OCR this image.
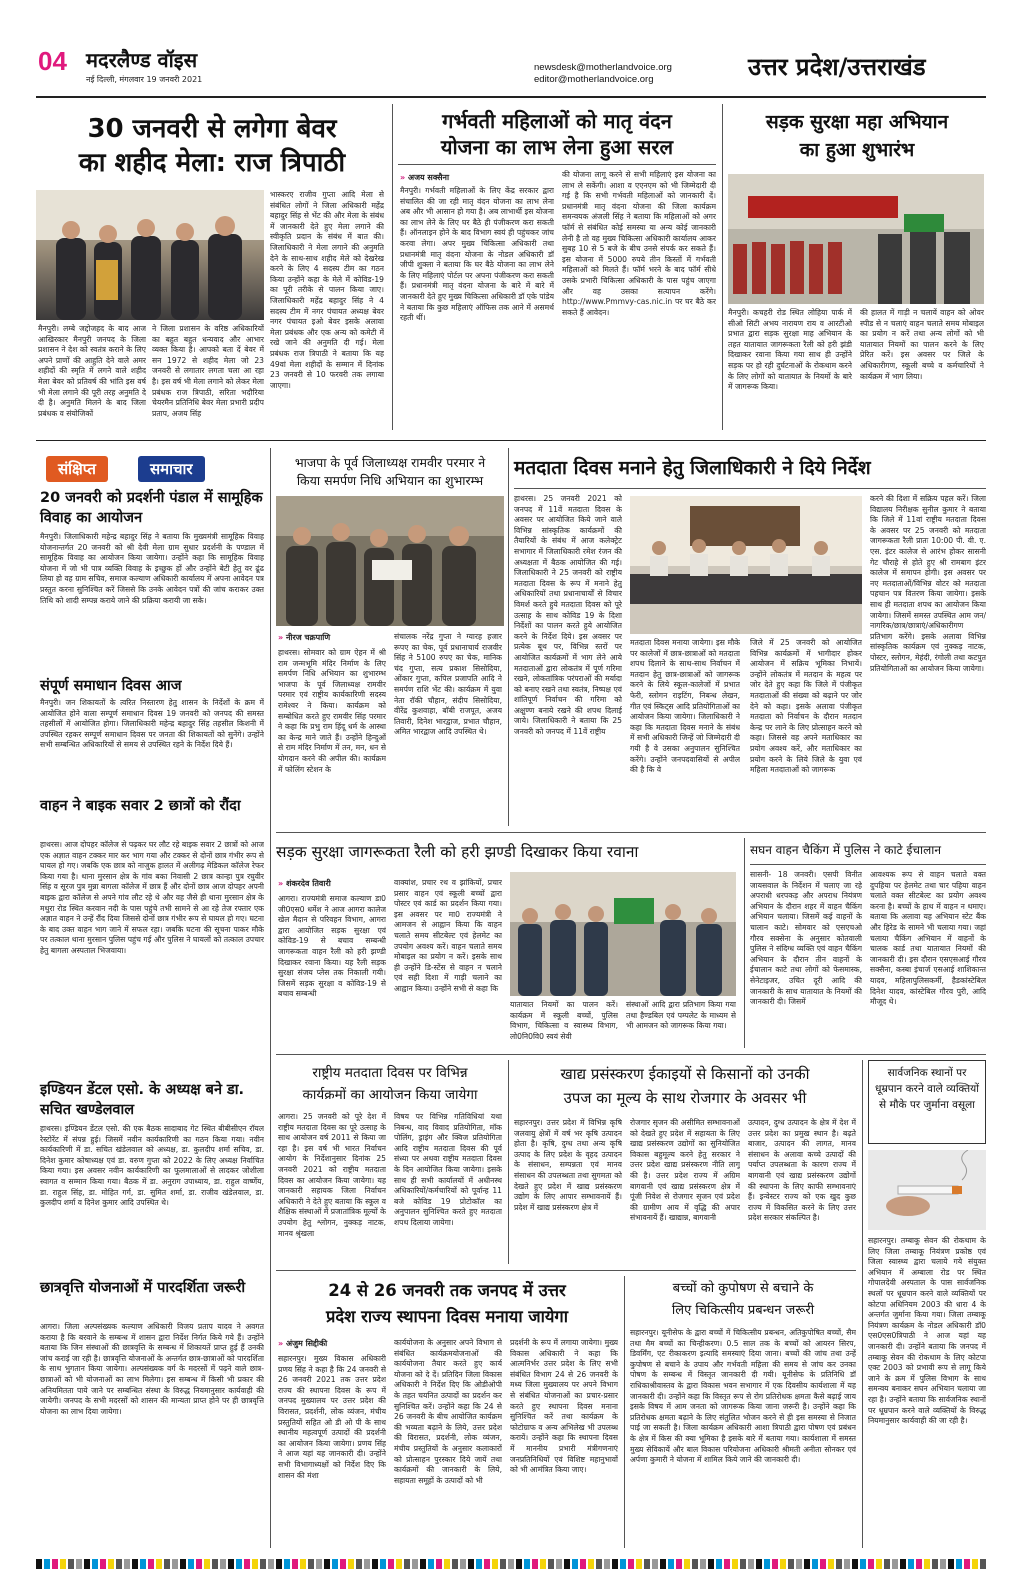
04 मदरलैण्ड वॉइस
नई दिल्ली, मंगलवार 19 जनवरी 2021
newsdesk@motherlandvoice.org
editor@motherlandvoice.org	उत्तर प्रदेश/उत्तराखंड
30 जनवरी से लगेगा बेवर
का शहीद मेला: राज त्रिपाठी
मैनपुरी। लम्बे जद्दोजहद के बाद आज आखिरकार मैनपुरी जनपद के जिला प्रशासन ने देश को स्वतंत्र कराने के लिए अपने प्राणों की आहुति देने वाले अमर शहीदों की स्मृति में लगने वाले शहीद मेला बेवर को प्रतिवर्ष की भांति इस वर्ष भी मेला लगाने की पूरी तरह अनुमति दे दी है। अनुमति मिलने के बाद जिला प्रबंधक व संयोजिकों
ने जिला प्रशासन के वरिष्ठ अधिकारियों का बहुत बहुत धन्यवाद और आभार व्यक्त किया है। आपको बता दें बेवर में सन 1972 से शहीद मेला जो 23 जनवरी से लगातार लगता चला आ रहा है। इस वर्ष भी मेला लगाने को लेकर मेला प्रबंधक राज त्रिपाठी, सरिता भदौरिया चेयरमैन प्रतिनिधि बेवर मेला प्रभारी प्रदीप प्रताप, अजय सिंह
भास्करए राजीव गुप्ता आदि मेला से संबंधित लोगों ने जिला अधिकारी महेंद्र बहादुर सिंह से भेंट की और मेला के संबंध में जानकारी देते हुए मेला लगाने की स्वीकृति प्रदान के संबंध में बात की। जिलाधिकारी ने मेला लगाने की अनुमति देने के साथ-साथ शहीद मेले को देखरेख करने के लिए 4 सदस्य टीम का गठन किया उन्होंने कहा के मेले में कोविड-19 का पूरी तरीके से पालन किया जाए। जिलाधिकारी महेंद्र बहादुर सिंह ने 4 सदस्य टीम में नगर पंचायत अध्यक्ष बेवर नगर पंचायत इओ बेवर इसके अलावा मेला प्रबंधक और एक अन्य को कमेटी में रखे जाने की अनुमति दी गई। मेला प्रबंधक राज त्रिपाठी ने बताया कि यह 49वां मेला शहीदों के सम्मान में दिनांक 23 जनवरी से 10 फरवरी तक लगाया जाएगा।
गर्भवती महिलाओं को मातृ वंदन
योजना का लाभ लेना हुआ सरल
» अजय सक्सैना
मैनपुरी। गर्भवती महिलाओं के लिए केंद्र सरकार द्वारा संचालित की जा रही मातृ वंदन योजना का लाभ लेना अब और भी आसान हो गया है। अब लाभार्थी इस योजना का लाभ लेने के लिए घर बैठे ही पंजीकरण करा सकती हैं। ऑनलाइन होने के बाद विभाग स्वयं ही पहुंचकर जांच करवा लेगा। अपर मुख्य चिकित्सा अधिकारी तथा प्रधानमंत्री मातृ वंदना योजना के नोडल अधिकारी डॉ जीपी शुक्ला ने बताया कि घर बैठे योजना का लाभ लेने के लिए महिलाएं पोर्टल पर अपना पंजीकरण करा सकती हैं। प्रधानमंत्री मातृ वंदना योजना के बारे में बारे में जानकारी देते हुए मुख्य चिकित्सा अधिकारी डॉ एके पांडेय ने बताया कि कुछ महिलाएं ऑफिस तक आने में असमर्थ रहती थीं।
की योजना लागू करने से सभी महिलाएं इस योजना का लाभ ले सकेंगी। आशा व एएनएम को भी जिम्मेदारी दी गई है कि सभी गर्भवती महिलाओं को जानकारी दें। प्रधानमंत्री मातृ वंदना योजना की जिला कार्यक्रम समन्वयक अंजली सिंह ने बताया कि महिलाओं को अगर फॉर्म से संबंधित कोई समस्या या अन्य कोई जानकारी लेनी है तो वह मुख्य चिकित्सा अधिकारी कार्यालय आकर सुबह 10 से 5 बजे के बीच उनसे संपर्क कर सकते हैं। इस योजना में 5000 रुपये तीन किस्तों में गर्भवती महिलाओं को मिलते हैं। फॉर्म भरने के बाद फॉर्म सीधे उसके प्रभारी चिकित्सा अधिकारी के पास पहुंच जाएगा और वह उसका सत्यापन करेंगे। http://www.Pmmvy-cas.nic.in पर घर बैठे कर सकते हैं आवेदन।
सड़क सुरक्षा महा अभियान
का हुआ शुभारंभ
मैनपुरी। कचहरी रोड स्थित लोहिया पार्क में सीओ सिटी अभय नारायण राय व आरटीओ प्रभात द्वारा सड़क सुरक्षा माह अभियान के तहत यातायात जागरूकता रैली को हरी झंडी दिखाकर रवाना किया गया साथ ही उन्होंने सड़क पर हो रही दुर्घटनाओं के रोकथाम करने के लिए लोगों को यातायात के नियमों के बारे में जागरूक किया।
की हालत में गाड़ी न चलायें वाहन को ओवर स्पीड से न चलाएं वाहन चलाते समय मोबाइल का प्रयोग न करें तथा अन्य लोगों को भी यातायात नियमों का पालन करने के लिए प्रेरित करें। इस अवसर पर जिले के अधिकारीगण, स्कूली बच्चे व कर्मचारियों ने कार्यक्रम में भाग लिया।
संक्षिप्त	समाचार
20 जनवरी को प्रदर्शनी पंडाल में सामूहिक विवाह का आयोजन
मैनपुरी। जिलाधिकारी महेन्द्र बहादुर सिंह ने बताया कि मुख्यमंत्री सामूहिक विवाह योजनान्तर्गत 20 जनवरी को श्री देवी मेला ग्राम सुधार प्रदर्शनी के पण्डाल में सामूहिक विवाह का आयोजन किया जायेगा। उन्होंने कहा कि सामूहिक विवाह योजना में जो भी पात्र व्यक्ति विवाह के इच्छुक हों और उन्होंने बेटी हेतु वर ढूंढ लिया हो वह ग्राम सचिव, समाज कल्याण अधिकारी कार्यालय में अपना आवेदन पत्र प्रस्तुत करना सुनिश्चित करें जिससे कि उनके आवेदन पत्रों की जांच कराकर उक्त तिथि को शादी सम्पन्न कराये जाने की प्रक्रिया करायी जा सके।
संपूर्ण समाधान दिवस आज
मैनपुरी। जन शिकायतों के त्वरित निस्तारण हेतु शासन के निर्देशों के क्रम में आयोजित होने वाला सम्पूर्ण समाधान दिवस 19 जनवरी को जनपद की समस्त तहसीलों में आयोजित होगा। जिलाधिकारी महेन्द्र बहादुर सिंह तहसील किशनी में उपस्थित रहकर सम्पूर्ण समाधान दिवस पर जनता की शिकायतों को सुनेंगे। उन्होंने सभी सम्बन्धित अधिकारियों से समय से उपस्थित रहने के निर्देश दिये हैं।
वाहन ने बाइक सवार 2 छात्रों को रौंदा
हाथरस। आज दोपहर कॉलेज से पढ़कर घर लौट रहे बाइक सवार 2 छात्रों को आज एक अज्ञात वाहन टक्कर मार कर भाग गया और टक्कर से दोनों छात्र गंभीर रूप से घायल हो गए। जबकि एक छात्र को नाजुक हालत में अलीगढ़ मेडिकल कॉलेज रेफर किया गया है। थाना मुरसान क्षेत्र के गांव बका निवासी 2 छात्र कान्हा पुत्र रघुवीर सिंह व सूरज पुत्र मुन्ना बागला कॉलेज में छात्र हैं और दोनों छात्र आज दोपहर अपनी बाइक द्वारा कॉलेज से अपने गांव लौट रहे थे और वह जैसे ही थाना मुरसान क्षेत्र के मथुरा रोड स्थित करवान नदी के पास पहुंचे तभी सामने से आ रहे तेज रफ्तार एक अज्ञात वाहन ने उन्हें रौंद दिया जिससे दोनों छात्र गंभीर रूप से घायल हो गए। घटना के बाद उक्त वाहन भाग जाने में सफल रहा। जबकि घटना की सूचना पाकर मौके पर तत्काल थाना मुरसान पुलिस पहुंच गई और पुलिस ने घायलों को तत्काल उपचार हेतु बागला अस्पताल भिजवाया।
इण्डियन डेंटल एसो. के अध्यक्ष बने डा. सचित खण्डेलवाल
हाथरस। इण्डियन डेंटल एसो. की एक बैठक सादाबाद गेट स्थित बीबीसीएन रॉयल रेस्टोरेंट में संपन्न हुई। जिसमें नवीन कार्यकारिणी का गठन किया गया। नवीन कार्यकारिणी में डा. सचित खंडेलवाल को अध्यक्ष, डा. कुलदीप शर्मा सचिव, डा. दिनेश कुमार कोषाध्यक्ष एवं डा. वरुण गुप्ता को 2022 के लिए अध्यक्ष निर्वाचित किया गया। इस अवसर नवीन कार्यकारिणी का फूलमालाओं से लादकर जोशीला स्वागत व सम्मान किया गया। बैठक में डा. अनुराग उपाध्याय, डा. राहुल वार्ष्णेय, डा. राहुल सिंह, डा. मोहित गर्ग, डा. सुमित शर्मा, डा. राजीव खंडेलवाल, डा. कुलदीप शर्मा व दिनेश कुमार आदि उपस्थित थे।
छात्रवृत्ति योजनाओं में पारदर्शिता जरूरी
आगरा। जिला अल्पसंख्यक कल्याण अधिकारी विजय प्रताप यादव ने अवगत कराया है कि बरवाने के सम्बन्ध में शासन द्वारा निर्देश निर्गत किये गये हैं। उन्होंने बताया कि जिन संस्थाओं की छात्रवृत्ति के सम्बन्ध में शिकायतें प्राप्त हुई हैं उनकी जांच कराई जा रही है। छात्रवृत्ति योजनाओं के अन्तर्गत छात्र-छात्राओं को पारदर्शिता के साथ भुगतान किया जायेगा। अल्पसंख्यक वर्ग के मदरसों में पढ़ने वाले छात्र-छात्राओं को भी योजनाओं का लाभ मिलेगा। इस सम्बन्ध में किसी भी प्रकार की अनियमितता पाये जाने पर सम्बन्धित संस्था के विरुद्ध नियमानुसार कार्यवाही की जायेगी। जनपद के सभी मदरसों को शासन की मान्यता प्राप्त होने पर ही छात्रवृत्ति योजना का लाभ दिया जायेगा।
भाजपा के पूर्व जिलाध्यक्ष रामवीर परमार ने
किया समर्पण निधि अभियान का शुभारम्भ
» नीरज चक्रपाणि
हाथरस। सोमवार को ग्राम ऐहन में श्री राम जन्मभूमि मंदिर निर्माण के लिए समर्पण निधि अभियान का शुभारम्भ भाजपा के पूर्व जिलाध्यक्ष रामवीर परमार एवं राष्ट्रीय कार्यकारिणी सदस्य रामेश्वर ने किया। कार्यक्रम को सम्बोधित करते हुए रामवीर सिंह परमार ने कहा कि प्रभु राम हिंदू धर्म के आस्था का केन्द्र माने जाते हैं। उन्होंने हिन्दुओं से राम मंदिर निर्माण में तन, मन, धन से योगदान करने की अपील की। कार्यक्रम में फोलिंग स्टेशन के
संचालक नरेंद्र गुप्ता ने ग्यारह हजार रूपए का चेक, पूर्व प्रधानाचार्य राजवीर सिंह ने 5100 रुपए का चेक, मानिक चंद गुप्ता, सत्य प्रकाश सिसोदिया, ओंकार गुप्ता, कपिल प्रजापति आदि ने समर्पण राशि भेंट की। कार्यक्रम में युवा नेता रॉकी चौहान, संदीप सिसोदिया, वीरेंद्र कुशवाहा, बॉबी राजपूत, अजय तिवारी, दिनेश भारद्वाज, प्रभात चौहान, अमित भारद्वाज आदि उपस्थित थे।
मतदाता दिवस मनाने हेतु जिलाधिकारी ने दिये निर्देश
हाथरस। 25 जनवरी 2021 को जनपद में 11वें मतदाता दिवस के अवसर पर आयोजित किये जाने वाले विभिन्न सांस्कृतिक कार्यक्रमों की तैयारियों के संबंध में आज कलेक्ट्रेट सभागार में जिलाधिकारी रमेश रंजन की अध्यक्षता में बैठक आयोजित की गई। जिलाधिकारी ने 25 जनवरी को राष्ट्रीय मतदाता दिवस के रूप में मनाने हेतु अधिकारियों तथा प्रधानाचार्यों से विचार विमर्श करते हुये मतदाता दिवस को पूरे उत्साह के साथ कोविड 19 के दिशा निर्देशों का पालन करते हुये आयोजित करने के निर्देश दिये। इस अवसर पर प्रत्येक बूथ पर, विभिन्न स्तरों पर आयोजित कार्यक्रमों में भाग लेने आये मतदाताओं द्वारा लोकतंत्र में पूर्ण गरिमा रखने, लोकतांत्रिक परंपराओं की मर्यादा को बनाए रखने तथा स्वतंत्र, निष्पक्ष एवं शांतिपूर्ण निर्वाचन की गरिमा को अक्षुण्ण बनाये रखने की शपथ दिलाई जाये। जिलाधिकारी ने बताया कि 25 जनवरी को जनपद में 11वें राष्ट्रीय
मतदाता दिवस मनाया जायेगा। इस मौके पर कालेजों में छात्र-छात्राओं को मतदाता शपथ दिलाने के साथ-साथ निर्वाचन में मतदान हेतु छात्र-छात्राओं को जागरूक करने के लिये स्कूल-कालेजों में प्रभात फेरी, स्लोगन राइटिंग, निबन्ध लेखन, गीत एवं स्किट्स आदि प्रतियोगिताओं का आयोजन किया जायेगा। जिलाधिकारी ने कहा कि मतदाता दिवस मनाने के संबंध में सभी अधिकारी जिन्हें जो जिम्मेदारी दी गयी है वे उसका अनुपालन सुनिश्चित करेंगे। उन्होंने जनपदवासियों से अपील की है कि वे
जिले में 25 जनवरी को आयोजित विभिन्न कार्यक्रमों में भागीदार होकर आयोजन में सक्रिय भूमिका निभायें। उन्होंने लोकतंत्र में मतदान के महत्व पर जोर देते हुए कहा कि जिले में पंजीकृत मतदाताओं की संख्या को बढ़ाने पर जोर देने को कहा। इसके अलावा पंजीकृत मतदाता को निर्वाचन के दौरान मतदान केन्द्र पर लाने के लिए प्रोत्साहन करने को कहा। जिससे वह अपने मताधिकार का प्रयोग अवश्य करें, और मताधिकार का प्रयोग करने के लिये जिले के युवा एवं महिला मतदाताओं को जागरूक
करने की दिशा में सक्रिय पहल करें। जिला विद्यालय निरीक्षक सुनील कुमार ने बताया कि जिले में 11वां राष्ट्रीय मतदाता दिवस के अवसर पर 25 जनवरी को मतदाता जागरूकता रैली प्रातः 10:00 पी. वी. ए. एस. इंटर कालेज से आरंभ होकर सासनी गेट चौराहे से होते हुए श्री रामबाग इंटर कालेज में समापन होगी। इस अवसर पर नए मतदाताओं/विभिन्न वोटर को मतदाता पहचान पत्र वितरण किया जायेगा। इसके साथ ही मतदाता शपथ का आयोजन किया जायेगा। जिसमें समस्त उपस्थित आम जन/नागरिक/छात्र/छात्राएं/अधिकारीगण प्रतिभाग करेंगे। इसके अलावा विभिन्न सांस्कृतिक कार्यक्रम एवं नुक्कड़ नाटक, पोस्टर, स्लोगन, मेहंदी, रंगोली तथा कटपुत प्रतियोगिताओं का आयोजन किया जायेगा।
सड़क सुरक्षा जागरूकता रैली को हरी झण्डी दिखाकर किया रवाना
» शंकरदेव तिवारी
आगरा। राज्यमंत्री समाज कल्याण डा0 जी0एस0 धर्मेश ने आज आगरा कालेज खेल मैदान से परिवहन विभाग, आगरा द्वारा आयोजित सड़क सुरक्षा एवं कोविड-19 से बचाव सम्बन्धी जागरूकता वाहन रैली को हरी झण्डी दिखाकर रवाना किया। यह रैली सड़क सुरक्षा संजय प्लेस तक निकाली गयी। जिसमें सड़क सुरक्षा व कोविड-19 से बचाव सम्बन्धी
वाक्यांश, प्रचार रथ व झांकियों, प्रचार प्रसार वाहन एवं स्कूली बच्चों द्वारा पोस्टर एवं कार्ड का प्रदर्शन किया गया। इस अवसर पर मा0 राज्यमंत्री ने आमजन से आह्वान किया कि वाहन चलाते समय सीटबेल्ट एवं हेलमेट का उपयोग अवश्य करें। वाहन चलाते समय मोबाइल का प्रयोग न करें। इसके साथ ही उन्होंने डि-स्टेंस से वाहन न चलाने एवं सही दिशा में गाड़ी चलाने का आह्वान किया। उन्होंने सभी से कहा कि
यातायात नियमों का पालन करें। कार्यक्रम में स्कूली बच्चों, पुलिस विभाग, चिकित्सा व स्वास्थ्य विभाग, लो0नि0वि0 स्वयं सेवी
संस्थाओं आदि द्वारा प्रतिभाग किया गया तथा हैण्डबिल एवं पम्पलेट के माध्यम से भी आमजन को जागरूक किया गया।
सघन वाहन चैकिंग में पुलिस ने काटे ईचालान
सासनी- 18 जनवरी। एसपी विनीत जायसवाल के निर्देशन में चलाए जा रहे अपराधी धरपकड़ और अपराध नियंत्रण अभियान के दौरान शहर में वाहन चैकिंग अभियान चलाया। जिसमें कई वाहनों के चालान काटे। सोमवार को एसएचओ गौरव सक्सेना के अनुसार कोतवाली पुलिस ने संदिग्ध व्यक्ति एवं वाहन चैकिंग अभियान के दौरान तीन वाहनों के ईचालान काटे तथा लोगों को फेसमास्क, सेनेटाइजर, उचित दूरी आदि की जानकारी के साथ यातायात के नियमों की जानकारी दी। जिसमें
आवश्यक रूप से वाहन चलाते वक्त दुपहिया पर हेलमेट तथा चार पहिया वाहन चलाते वक्त सीटबेल्ट का प्रयोग अवश्य करना है। बच्चों के हाथ में वाहन न थमाए। बताया कि अलावा यह अभियान स्टेट बैंक और हिरेड के सामने भी चलाया गया। जहां चलाया चैकिंग अभियान में वाहनों के चालक कार्ड तथा यातायात नियमों की जानकारी दी। इस दौरान एसएसआई गौरव सक्सैना, कस्बा इंचार्ज एसआई शाशिकान्त यादव, महिलापुलिसकर्मी, हैडकांस्टेबिल दिनेश यादव, कांस्टेबिल गौरव पुरी, आदि मौजूद थे।
राष्ट्रीय मतदाता दिवस पर विभिन्न
कार्यक्रमों का आयोजन किया जायेगा
आगरा। 25 जनवरी को पूरे देश में राष्ट्रीय मतदाता दिवस का पूरे उत्साह के साथ आयोजन वर्ष 2011 से किया जा रहा है। इस वर्ष भी भारत निर्वाचन आयोग के निर्देशानुसार दिनांक 25 जनवरी 2021 को राष्ट्रीय मतदाता दिवस का आयोजन किया जायेगा। यह जानकारी सहायक जिला निर्वाचन अधिकारी ने देते हुए बताया कि स्कूल व शैक्षिक संस्थाओं में प्रजातांत्रिक मूल्यों के उपयोग हेतु श्लोगन, नुक्कड़ नाटक, मानव श्रृंखला
विषय पर विभिन्न गतिविधियां यथा निबन्ध, वाद विवाद प्रतियोगिता, मॉक पोलिंग, ड्राइंग और क्विज प्रतियोगिता आदि राष्ट्रीय मतदाता दिवस की पूर्व संध्या पर अथवा राष्ट्रीय मतदाता दिवस के दिन आयोजित किया जायेगा। इसके साथ ही सभी कार्यालयों में अधीनस्थ अधिकारियों/कर्मचारियों को पूर्वान्ह 11 बजे कोविड 19 प्रोटोकॉल का अनुपालन सुनिश्चित करते हुए मतदाता शपथ दिलाया जायेगा।
खाद्य प्रसंस्करण ईकाइयों से किसानों को उनकी
उपज का मूल्य के साथ रोजगार के अवसर भी
सहारनपुर। उत्तर प्रदेश में विभिन्न कृषि जलवायु क्षेत्रों में वर्ष भर कृषि उत्पादन होता है। कृषि, दुग्ध तथा अन्य कृषि उत्पाद के लिए प्रदेश के वृहद उत्पादन के संसाधन, सम्पन्नता एवं मानव संसाधन की उपलब्धता तथा सुगमता को देखते हुए प्रदेश में खाद्य प्रसंस्करण उद्योग के लिए आपार सम्भावनायें हैं। प्रदेश में खाद्य प्रसंस्करण क्षेत्र में
रोजगार सृजन की असीमित सम्भावनाओं को देखते हुए प्रदेश में सहायता के लिए खाद्य प्रसंस्करण उद्योगों का सुनियोजित विकास बहुमूल्य करने हेतु सरकार ने उत्तर प्रदेश खाद्य प्रसंस्करण नीति लागू की है। उत्तर प्रदेश राज्य में अग्रिम बागवानी एवं खाद्य प्रसंस्करण क्षेत्र में पूंजी निवेश से रोजगार सृजन एवं प्रदेश की ग्रामीण आय में वृद्धि की अपार संभावनायें हैं। खाद्यान्न, बागवानी
उत्पादन, दुग्ध उत्पादन के क्षेत्र में देश में उत्तर प्रदेश का प्रमुख स्थान है। बढ़ते बाजार, उत्पादन की लागत, मानव संसाधन के अलावा कच्चे उत्पादों की पर्याप्त उपलब्धता के कारण राज्य में बागवानी एवं खाद्य प्रसंस्करण उद्योगों की स्थापना के लिए काफी सम्भावनाएं हैं। इन्वेस्टर राज्य को एक खुद कुछ राज्य में विकसित करने के लिए उत्तर प्रदेश सरकार संकल्पित है।
सार्वजनिक स्थानों पर धूम्रपान करने वाले व्यक्तियों से मौके पर जुर्माना वसूला
सहारनपुर। तम्बाकू सेवन की रोकथाम के लिए जिला तम्बाकू नियंत्रण प्रकोष्ठ एवं जिला स्वास्थ्य द्वारा चलाये गये संयुक्त अभियान में अम्बाला रोड पर स्थित गोपालदेवी अस्पताल के पास सार्वजनिक स्थलों पर धूम्रपान करने वाले व्यक्तियों पर कोटपा अधिनियम 2003 की धारा 4 के अन्तर्गत जुर्माना किया गया। जिला तम्बाकू नियंत्रण कार्यक्रम के नोडल अधिकारी डॉ0 एस0एस0त्रिपाठी ने आज यहां यह जानकारी दी। उन्होंने बताया कि जनपद में तम्बाकू सेवन की रोकथाम के लिए कोटपा एक्ट 2003 को प्रभावी रूप से लागू किये जाने के क्रम में पुलिस विभाग के साथ समन्वय बनाकर सघन अभियान चलाया जा रहा है। उन्होंने बताया कि सार्वजनिक स्थानों पर धूम्रपान करने वाले व्यक्तियों के विरुद्ध नियमानुसार कार्यवाही की जा रही है।
24 से 26 जनवरी तक जनपद में उत्तर
प्रदेश राज्य स्थापना दिवस मनाया जायेगा
» अंजुम सिद्दीकी
सहारनपुर। मुख्य विकास अधिकारी प्रणय सिंह ने कहा है कि 24 जनवरी से 26 जनवरी 2021 तक उत्तर प्रदेश राज्य की स्थापना दिवस के रूप में जनपद मुख्यालय पर उत्तर प्रदेश की विरासत, प्रदर्शनी, लोक व्यंजन, मंचीय प्रस्तुतियों सहित ओ डी ओ पी के साथ स्थानीय महत्वपूर्ण उत्पादों की प्रदर्शनी का आयोजन किया जायेगा। प्रणय सिंह ने आज यहां यह जानकारी दी। उन्होंने सभी विभागाध्यक्षों को निर्देश दिए कि शासन की मंशा
कार्ययोजना के अनुसार अपने विभाग से संबंधित कार्यक्रमयोजनाओं की कार्ययोजना तैयार करते हुए कार्य योजना को दे दें। प्रतिदिन जिला विकास अधिकारी ने निर्देश दिए कि ओडीओपी के तहत चयनित उत्पादों का प्रदर्शन कर सुनिश्चित करें। उन्होंने कहा कि 24 से 26 जनवरी के बीच आयोजित कार्यक्रम की भव्यता बढ़ाने के लिये, उत्तर प्रदेश की विरासत, प्रदर्शनी, लोक व्यंजन, मंचीय प्रस्तुतियों के अनुसार कलाकारों को प्रोत्साहन पुरस्कार दिये जायें तथा कार्यक्रमों की जानकारी के लिये, सहायता समूहों के उत्पादों को भी
प्रदर्शनी के रूप में लगाया जायेगा। मुख्य विकास अधिकारी ने कहा कि आत्मनिर्भर उत्तर प्रदेश के लिए सभी संबंधित विभाग 24 से 26 जनवरी के मध्य जिला मुख्यालय पर अपने विभाग से संबंधित योजनाओं का प्रचार-प्रसार करते हुए स्थापना दिवस मनाना सुनिश्चित करें तथा कार्यक्रम के फोटोग्राफ व अन्य अभिलेख भी उपलब्ध करायें। उन्होंने कहा कि स्थापना दिवस में माननीय प्रभारी मंत्रीगणनाएं जनप्रतिनिधियों एवं विशिष्ट महानुभावों को भी आमंत्रित किया जाए।
बच्चों को कुपोषण से बचाने के
लिए चिकित्सीय प्रबन्धन जरूरी
सहारनपुर। यूनीसेफ के द्वारा बच्चों में चिकित्सीय प्रबन्धन, अतिकुपोषित बच्चों, सैम तथा मैम बच्चों का चिन्हीकरण। 0.5 साल तक के बच्चों को आयरन सिरप, डिवर्मिंग, एट रीकाकरण इत्यादि समस्याएं दिया जाना। बच्चों की जांच तथा उन्हें कुपोषण से बचाने के उपाय और गर्भवती महिला की समय से जांच कर उनका पोषण के सम्बन्ध में विस्तृत जानकारी दी गयी। यूनीसेफ के प्रतिनिधि डॉ राधिकाश्रीवास्तव के द्वारा विकास भवन सभागार में एक दिवसीय कार्यशाला में यह जानकारी दी। उन्होंने कहा कि विस्तृत रूप से रोग प्रतिरोधक क्षमता कैसे बढ़ाई जाय इसके विषय में आम जनता को जागरूक किया जाना जरूरी है। उन्होंने कहा कि प्रतिरोधक क्षमता बढ़ाने के लिए संतुलित भोजन करने से ही इस समस्या से निजात पाई जा सकती है। जिला कार्यक्रम अधिकारी आशा त्रिपाठी द्वारा पोषण एवं प्रबंधन के क्षेत्र में किस की क्या भूमिका है इसके बारे में बताया गया। कार्यशाला में समस्त मुख्य सेविकायें और बाल विकास परियोजना अधिकारी श्रीमती अनीता सोनकर एवं अर्पणा कुमारी ने योजना में शामिल किये जाने की जानकारी दी।
